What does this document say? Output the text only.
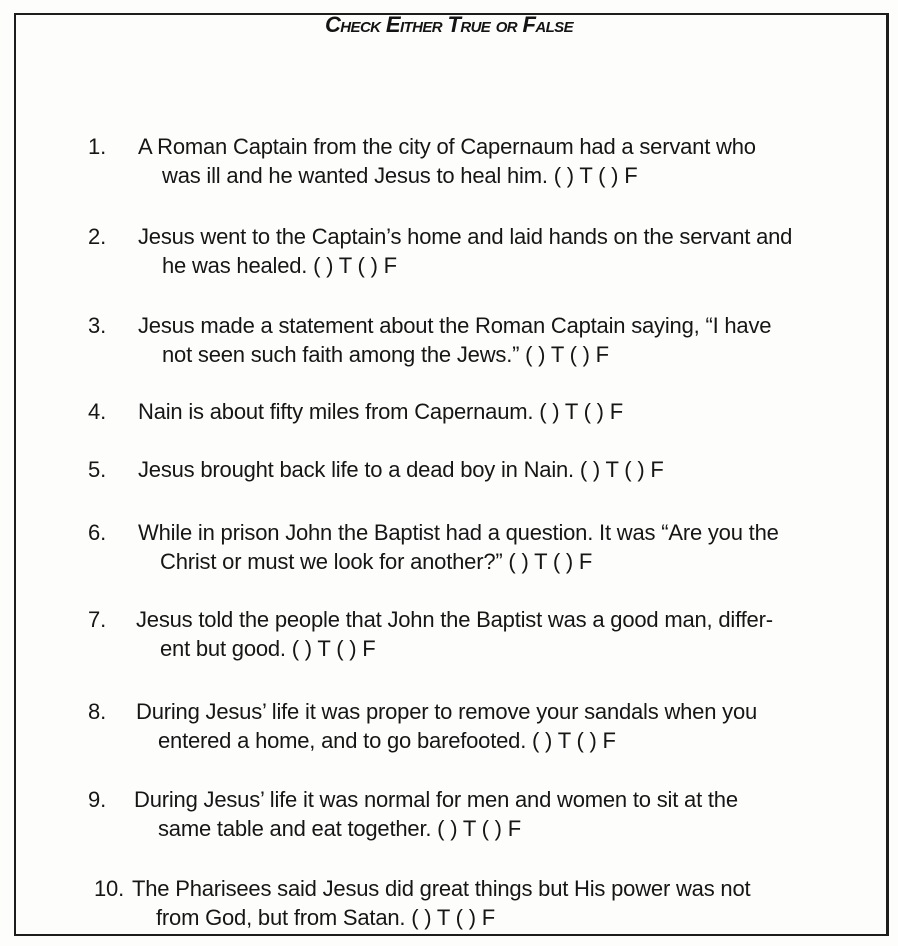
Check Either True or False
1. A Roman Captain from the city of Capernaum had a servant who
was ill and he wanted Jesus to heal him. ( ) T ( ) F
2. Jesus went to the Captain’s home and laid hands on the servant and
he was healed. ( ) T ( ) F
3. Jesus made a statement about the Roman Captain saying, “I have
not seen such faith among the Jews.” ( ) T ( ) F
4. Nain is about fifty miles from Capernaum. ( ) T ( ) F
5. Jesus brought back life to a dead boy in Nain. ( ) T ( ) F
6. While in prison John the Baptist had a question. It was “Are you the
Christ or must we look for another?” ( ) T ( ) F
7. Jesus told the people that John the Baptist was a good man, differ-
ent but good. ( ) T ( ) F
8. During Jesus’ life it was proper to remove your sandals when you
entered a home, and to go barefooted. ( ) T ( ) F
9. During Jesus’ life it was normal for men and women to sit at the
same table and eat together. ( ) T ( ) F
10. The Pharisees said Jesus did great things but His power was not
from God, but from Satan. ( ) T ( ) F
